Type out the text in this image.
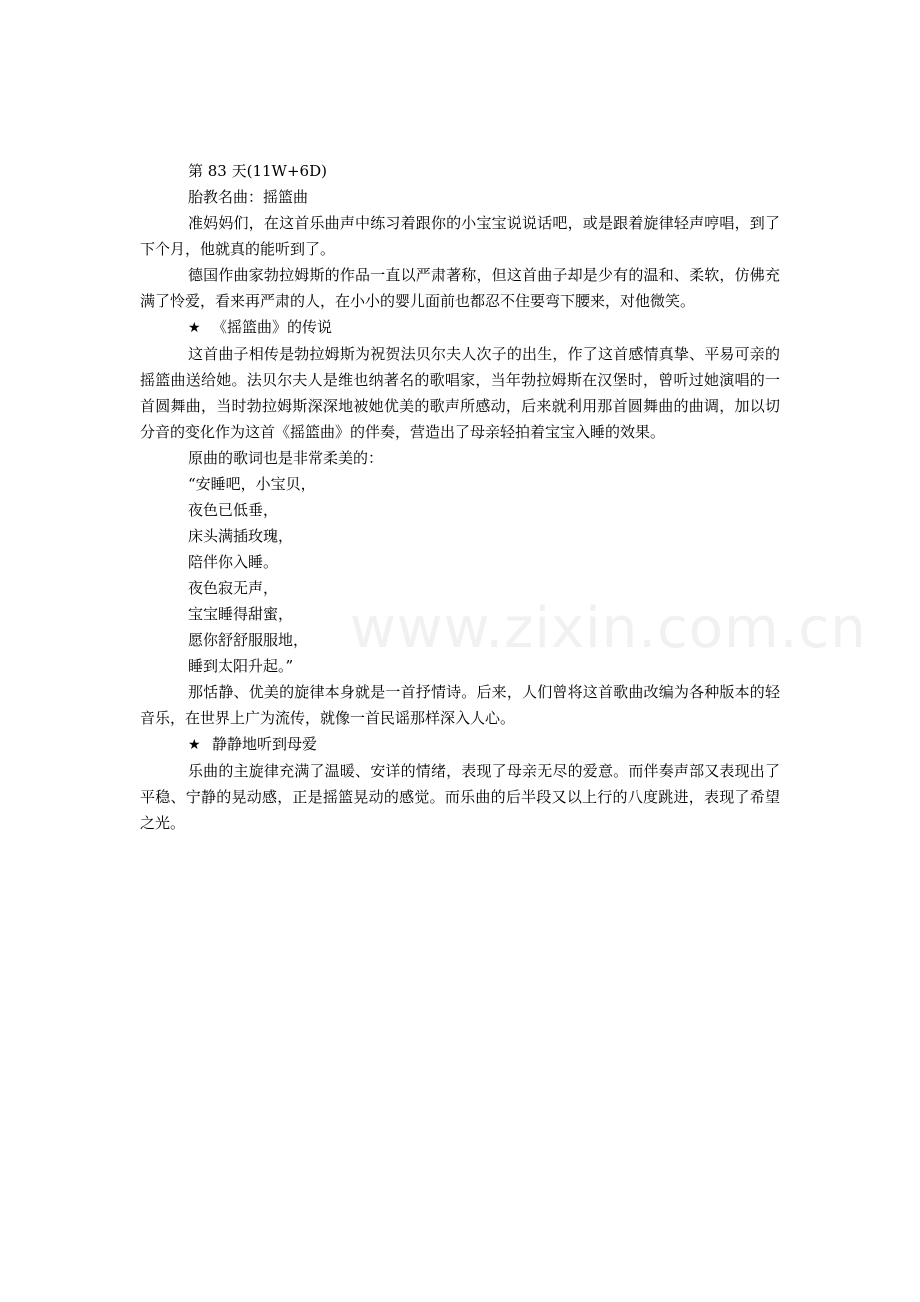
第 83 天(11W+6D)

胎教名曲：摇篮曲

准妈妈们，在这首乐曲声中练习着跟你的小宝宝说说话吧，或是跟着旋律轻声哼唱，到了下个月，他就真的能听到了。

德国作曲家勃拉姆斯的作品一直以严肃著称，但这首曲子却是少有的温和、柔软，仿佛充满了怜爱，看来再严肃的人，在小小的婴儿面前也都忍不住要弯下腰来，对他微笑。

★ 《摇篮曲》的传说

这首曲子相传是勃拉姆斯为祝贺法贝尔夫人次子的出生，作了这首感情真挚、平易可亲的摇篮曲送给她。法贝尔夫人是维也纳著名的歌唱家，当年勃拉姆斯在汉堡时，曾听过她演唱的一首圆舞曲，当时勃拉姆斯深深地被她优美的歌声所感动，后来就利用那首圆舞曲的曲调，加以切分音的变化作为这首《摇篮曲》的伴奏，营造出了母亲轻拍着宝宝入睡的效果。

原曲的歌词也是非常柔美的：

“安睡吧，小宝贝，

夜色已低垂，

床头满插玫瑰，

陪伴你入睡。

夜色寂无声，

宝宝睡得甜蜜，

愿你舒舒服服地，

睡到太阳升起。”

那恬静、优美的旋律本身就是一首抒情诗。后来，人们曾将这首歌曲改编为各种版本的轻音乐，在世界上广为流传，就像一首民谣那样深入人心。

★ 静静地听到母爱

乐曲的主旋律充满了温暖、安详的情绪，表现了母亲无尽的爱意。而伴奏声部又表现出了平稳、宁静的晃动感，正是摇篮晃动的感觉。而乐曲的后半段又以上行的八度跳进，表现了希望之光。

www.zixin.com.cn
